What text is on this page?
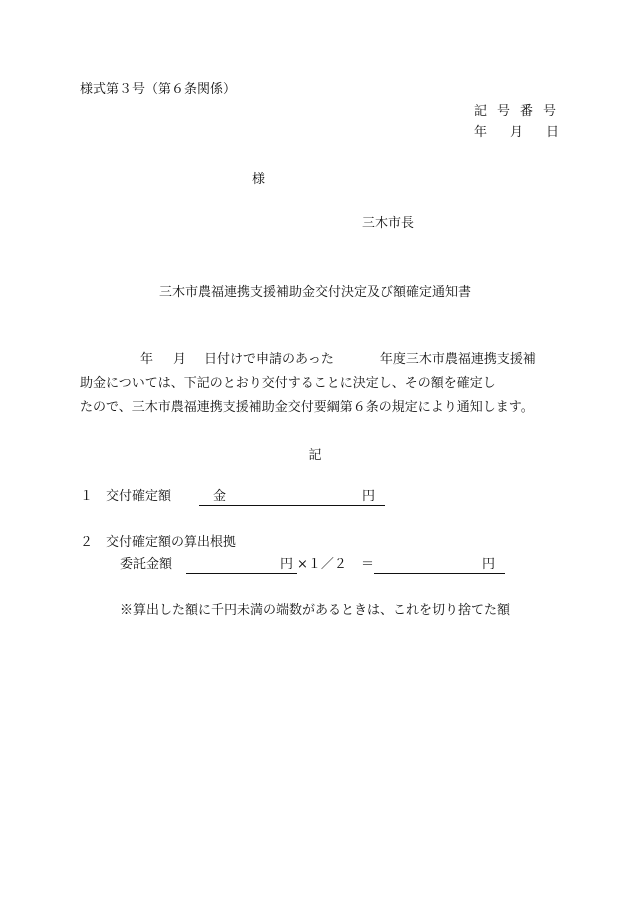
様式第３号（第６条関係）
記号番号
年 月 日
様
三木市長
三木市農福連携支援補助金交付決定及び額確定通知書

年 月 日付けで申請のあった	年度三木市農福連携支援補

助金については、下記のとおり交付することに決定し、その額を確定し

たので、三木市農福連携支援補助金交付要綱第６条の規定により通知します。

記
１ 交付確定額	金	円
２ 交付確定額の算出根拠
委託金額	円 ×１／２ ＝	円
※算出した額に千円未満の端数があるときは、これを切り捨てた額
